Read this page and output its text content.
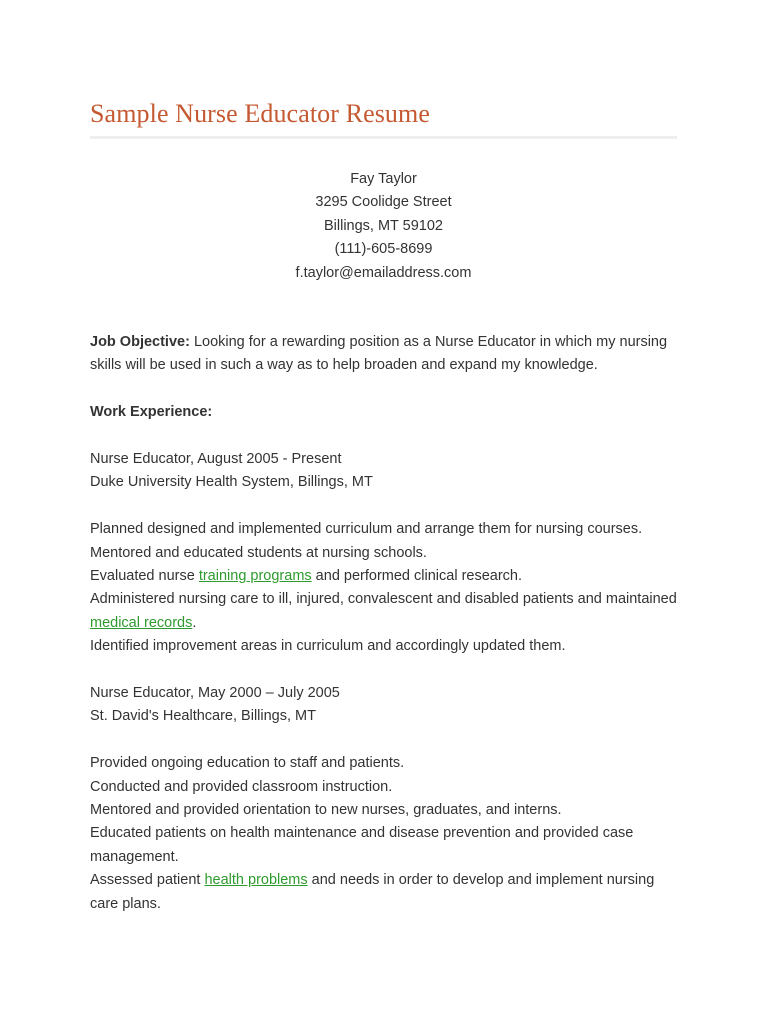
Sample Nurse Educator Resume
Fay Taylor
3295 Coolidge Street
Billings, MT 59102
(111)-605-8699
f.taylor@emailaddress.com
Job Objective: Looking for a rewarding position as a Nurse Educator in which my nursing skills will be used in such a way as to help broaden and expand my knowledge.
Work Experience:
Nurse Educator, August 2005 - Present
Duke University Health System, Billings, MT
Planned designed and implemented curriculum and arrange them for nursing courses.
Mentored and educated students at nursing schools.
Evaluated nurse training programs and performed clinical research.
Administered nursing care to ill, injured, convalescent and disabled patients and maintained medical records.
Identified improvement areas in curriculum and accordingly updated them.
Nurse Educator, May 2000 – July 2005
St. David's Healthcare, Billings, MT
Provided ongoing education to staff and patients.
Conducted and provided classroom instruction.
Mentored and provided orientation to new nurses, graduates, and interns.
Educated patients on health maintenance and disease prevention and provided case management.
Assessed patient health problems and needs in order to develop and implement nursing care plans.
